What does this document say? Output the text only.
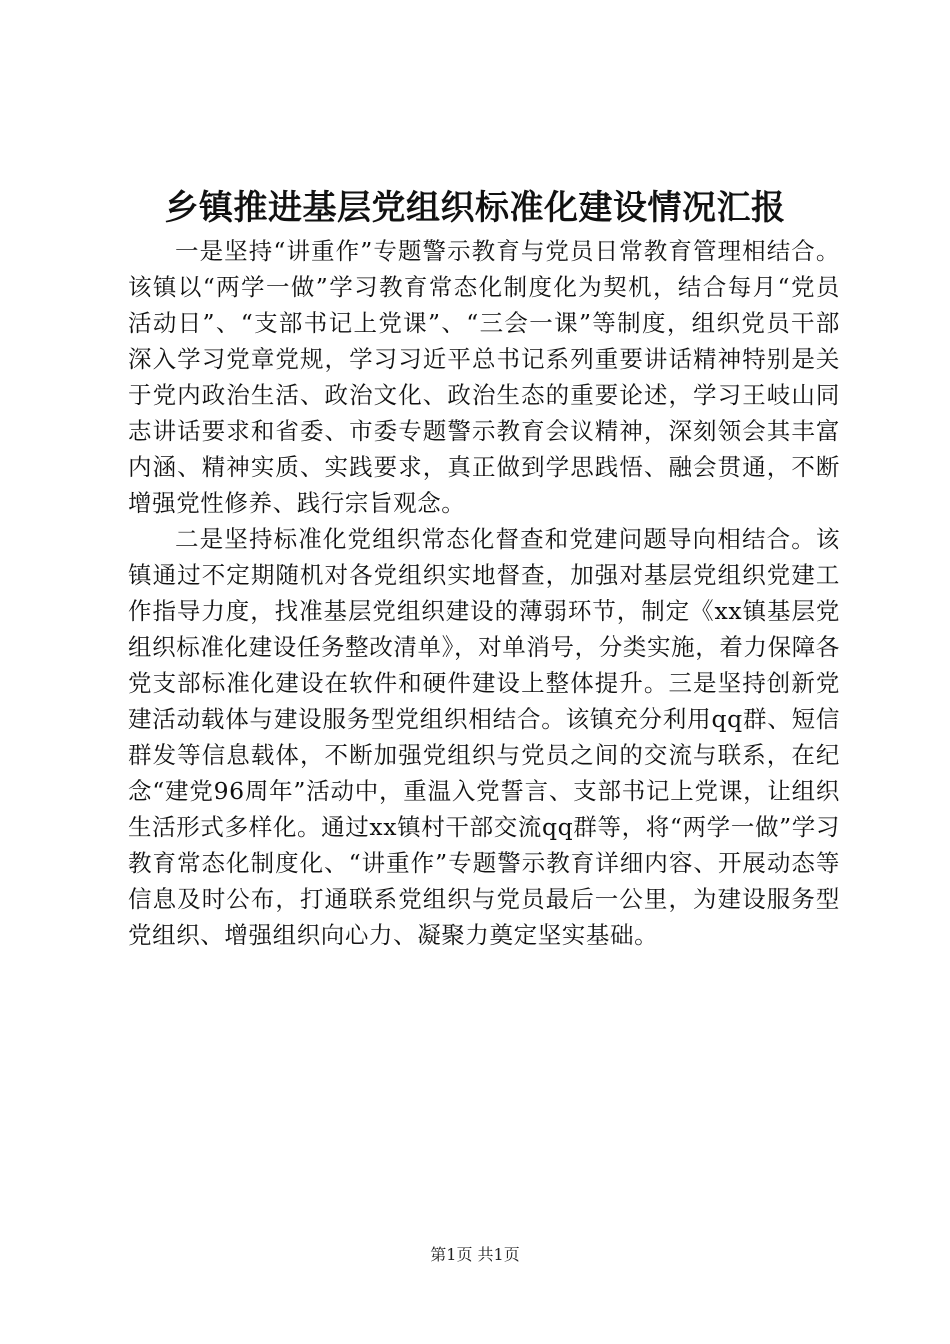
乡镇推进基层党组织标准化建设情况汇报

一是坚持“讲重作”专题警示教育与党员日常教育管理相结合。该镇以“两学一做”学习教育常态化制度化为契机，结合每月“党员活动日”、“支部书记上党课”、“三会一课”等制度，组织党员干部深入学习党章党规，学习习近平总书记系列重要讲话精神特别是关于党内政治生活、政治文化、政治生态的重要论述，学习王岐山同志讲话要求和省委、市委专题警示教育会议精神，深刻领会其丰富内涵、精神实质、实践要求，真正做到学思践悟、融会贯通，不断增强党性修养、践行宗旨观念。

二是坚持标准化党组织常态化督查和党建问题导向相结合。该镇通过不定期随机对各党组织实地督查，加强对基层党组织党建工作指导力度，找准基层党组织建设的薄弱环节，制定《xx镇基层党组织标准化建设任务整改清单》，对单消号，分类实施，着力保障各党支部标准化建设在软件和硬件建设上整体提升。三是坚持创新党建活动载体与建设服务型党组织相结合。该镇充分利用qq群、短信群发等信息载体，不断加强党组织与党员之间的交流与联系，在纪念“建党96周年”活动中，重温入党誓言、支部书记上党课，让组织生活形式多样化。通过xx镇村干部交流qq群等，将“两学一做”学习教育常态化制度化、“讲重作”专题警示教育详细内容、开展动态等信息及时公布，打通联系党组织与党员最后一公里，为建设服务型党组织、增强组织向心力、凝聚力奠定坚实基础。

第1页 共1页
